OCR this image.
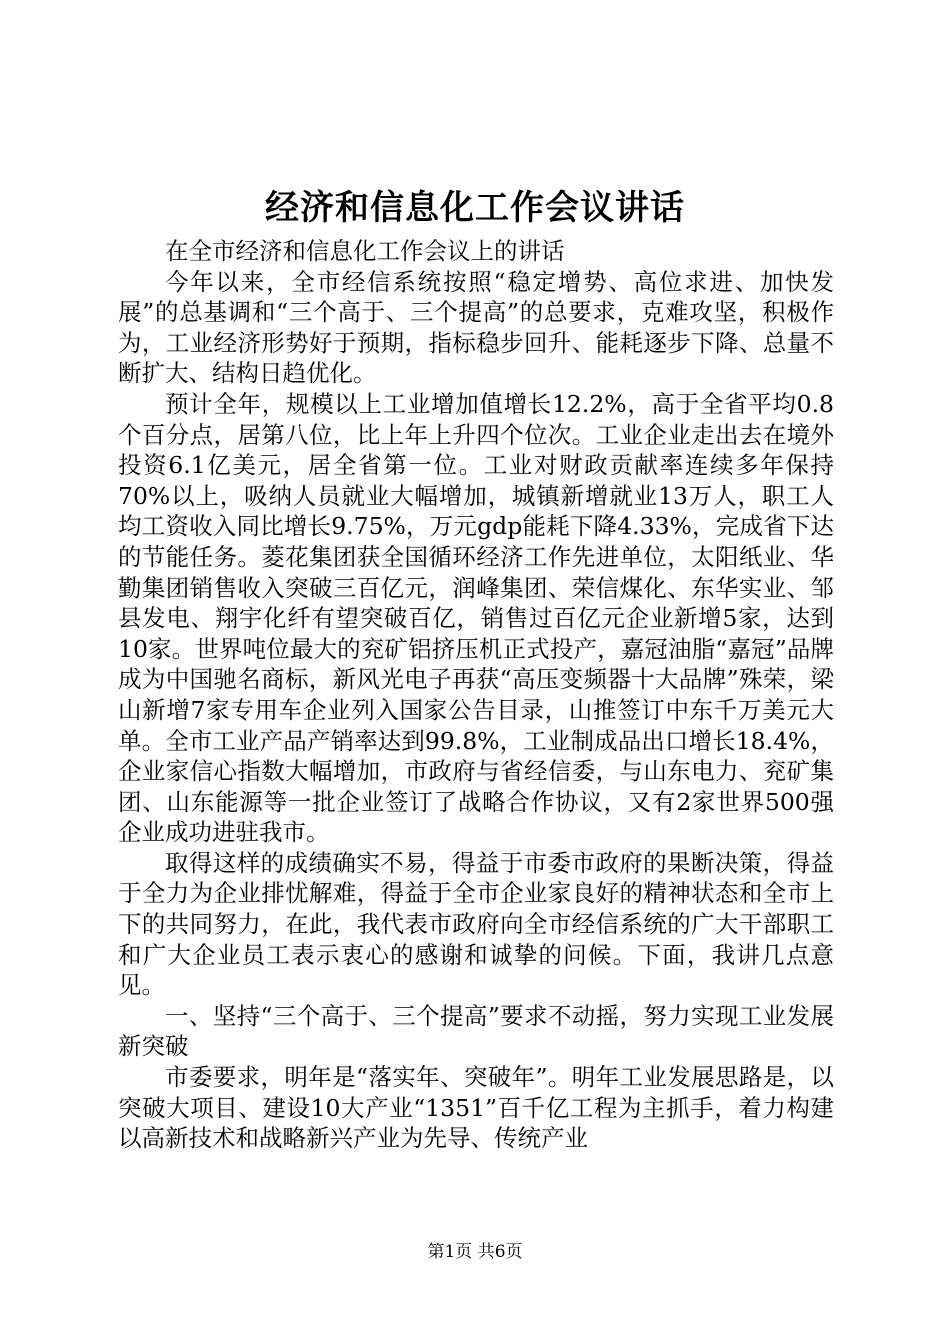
经济和信息化工作会议讲话

在全市经济和信息化工作会议上的讲话

今年以来，全市经信系统按照“稳定增势、高位求进、加快发展”的总基调和“三个高于、三个提高”的总要求，克难攻坚，积极作为，工业经济形势好于预期，指标稳步回升、能耗逐步下降、总量不断扩大、结构日趋优化。

预计全年，规模以上工业增加值增长12.2%，高于全省平均0.8个百分点，居第八位，比上年上升四个位次。工业企业走出去在境外投资6.1亿美元，居全省第一位。工业对财政贡献率连续多年保持70%以上，吸纳人员就业大幅增加，城镇新增就业13万人，职工人均工资收入同比增长9.75%，万元gdp能耗下降4.33%，完成省下达的节能任务。菱花集团获全国循环经济工作先进单位，太阳纸业、华勤集团销售收入突破三百亿元，润峰集团、荣信煤化、东华实业、邹县发电、翔宇化纤有望突破百亿，销售过百亿元企业新增5家，达到10家。世界吨位最大的兖矿铝挤压机正式投产，嘉冠油脂“嘉冠”品牌成为中国驰名商标，新风光电子再获“高压变频器十大品牌”殊荣，梁山新增7家专用车企业列入国家公告目录，山推签订中东千万美元大单。全市工业产品产销率达到99.8%，工业制成品出口增长18.4%，企业家信心指数大幅增加，市政府与省经信委，与山东电力、兖矿集团、山东能源等一批企业签订了战略合作协议，又有2家世界500强企业成功进驻我市。

取得这样的成绩确实不易，得益于市委市政府的果断决策，得益于全力为企业排忧解难，得益于全市企业家良好的精神状态和全市上下的共同努力，在此，我代表市政府向全市经信系统的广大干部职工和广大企业员工表示衷心的感谢和诚挚的问候。下面，我讲几点意见。

一、坚持“三个高于、三个提高”要求不动摇，努力实现工业发展新突破

市委要求，明年是“落实年、突破年”。明年工业发展思路是，以突破大项目、建设10大产业“1351”百千亿工程为主抓手，着力构建以高新技术和战略新兴产业为先导、传统产业

第1页 共6页
